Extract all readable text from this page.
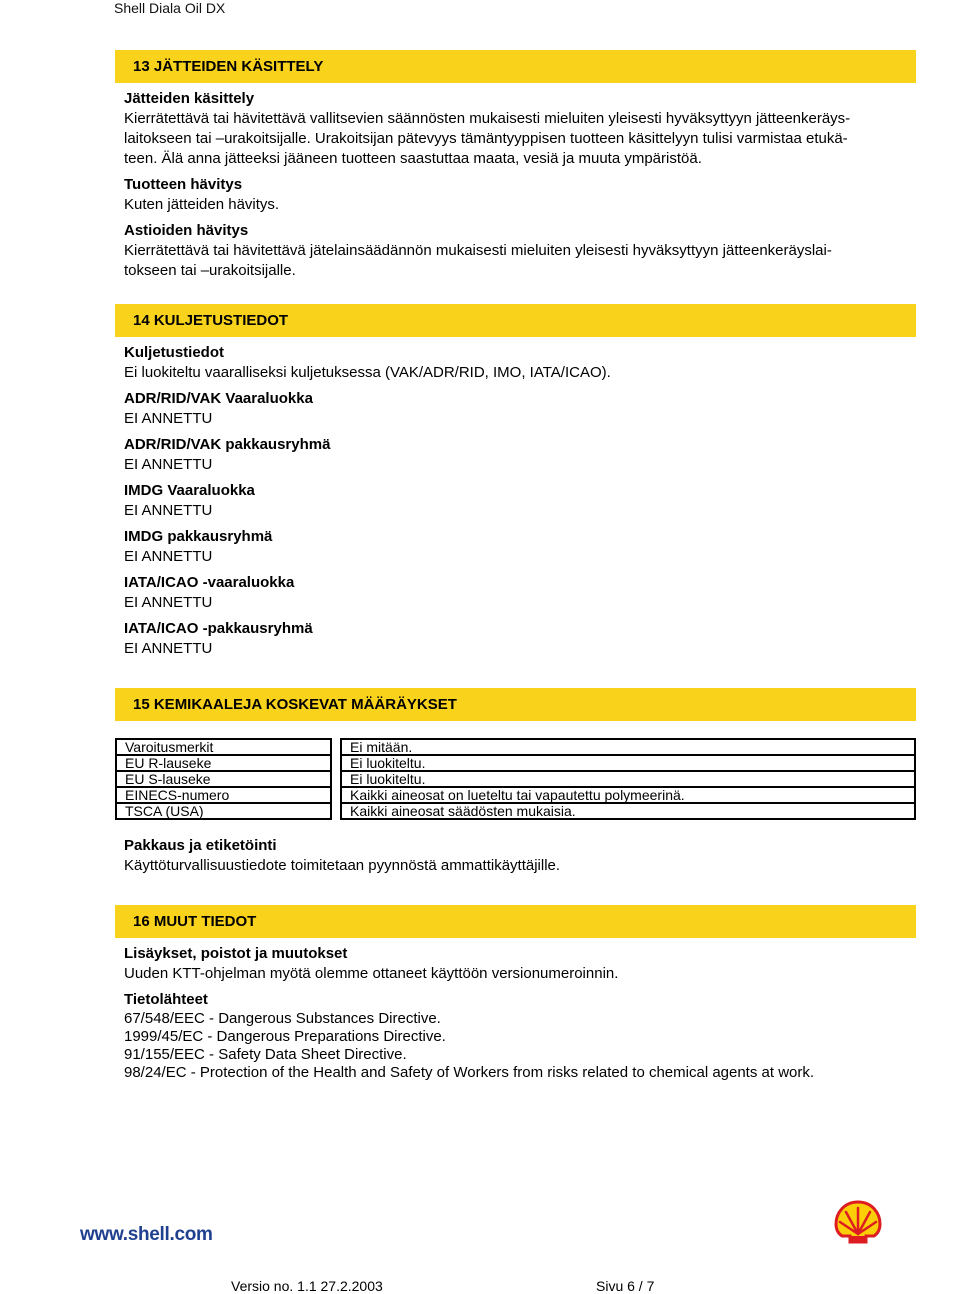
Shell Diala Oil DX
13 JÄTTEIDEN KÄSITTELY
Jätteiden käsittely
Kierrätettävä tai hävitettävä vallitsevien säännösten mukaisesti mieluiten yleisesti hyväksyttyyn jätteenkeräys-
laitokseen tai –urakoitsijalle. Urakoitsijan pätevyys tämäntyyppisen tuotteen käsittelyyn tulisi varmistaa etukä-
teen. Älä anna jätteeksi jääneen tuotteen saastuttaa maata, vesiä ja muuta ympäristöä.
Tuotteen hävitys
Kuten jätteiden hävitys.
Astioiden hävitys
Kierrätettävä tai hävitettävä jätelainsäädännön mukaisesti mieluiten yleisesti hyväksyttyyn jätteenkeräyslai-
tokseen tai –urakoitsijalle.
14 KULJETUSTIEDOT
Kuljetustiedot
Ei luokiteltu vaaralliseksi kuljetuksessa (VAK/ADR/RID, IMO, IATA/ICAO).
ADR/RID/VAK Vaaraluokka
EI ANNETTU
ADR/RID/VAK pakkausryhmä
EI ANNETTU
IMDG Vaaraluokka
EI ANNETTU
IMDG pakkausryhmä
EI ANNETTU
IATA/ICAO -vaaraluokka
EI ANNETTU
IATA/ICAO -pakkausryhmä
EI ANNETTU
15 KEMIKAALEJA KOSKEVAT MÄÄRÄYKSET
Varoitusmerkit		Ei mitään.
EU R-lauseke		Ei luokiteltu.
EU S-lauseke		Ei luokiteltu.
EINECS-numero		Kaikki aineosat on lueteltu tai vapautettu polymeerinä.
TSCA (USA)		Kaikki aineosat säädösten mukaisia.
Pakkaus ja etiketöinti
Käyttöturvallisuustiedote toimitetaan pyynnöstä ammattikäyttäjille.
16 MUUT TIEDOT
Lisäykset, poistot ja muutokset
Uuden KTT-ohjelman myötä olemme ottaneet käyttöön versionumeroinnin.
Tietolähteet
67/548/EEC - Dangerous Substances Directive.
1999/45/EC - Dangerous Preparations Directive.
91/155/EEC - Safety Data Sheet Directive.
98/24/EC - Protection of the Health and Safety of Workers from risks related to chemical agents at work.
www.shell.com
Versio no. 1.1 27.2.2003	Sivu 6 / 7
